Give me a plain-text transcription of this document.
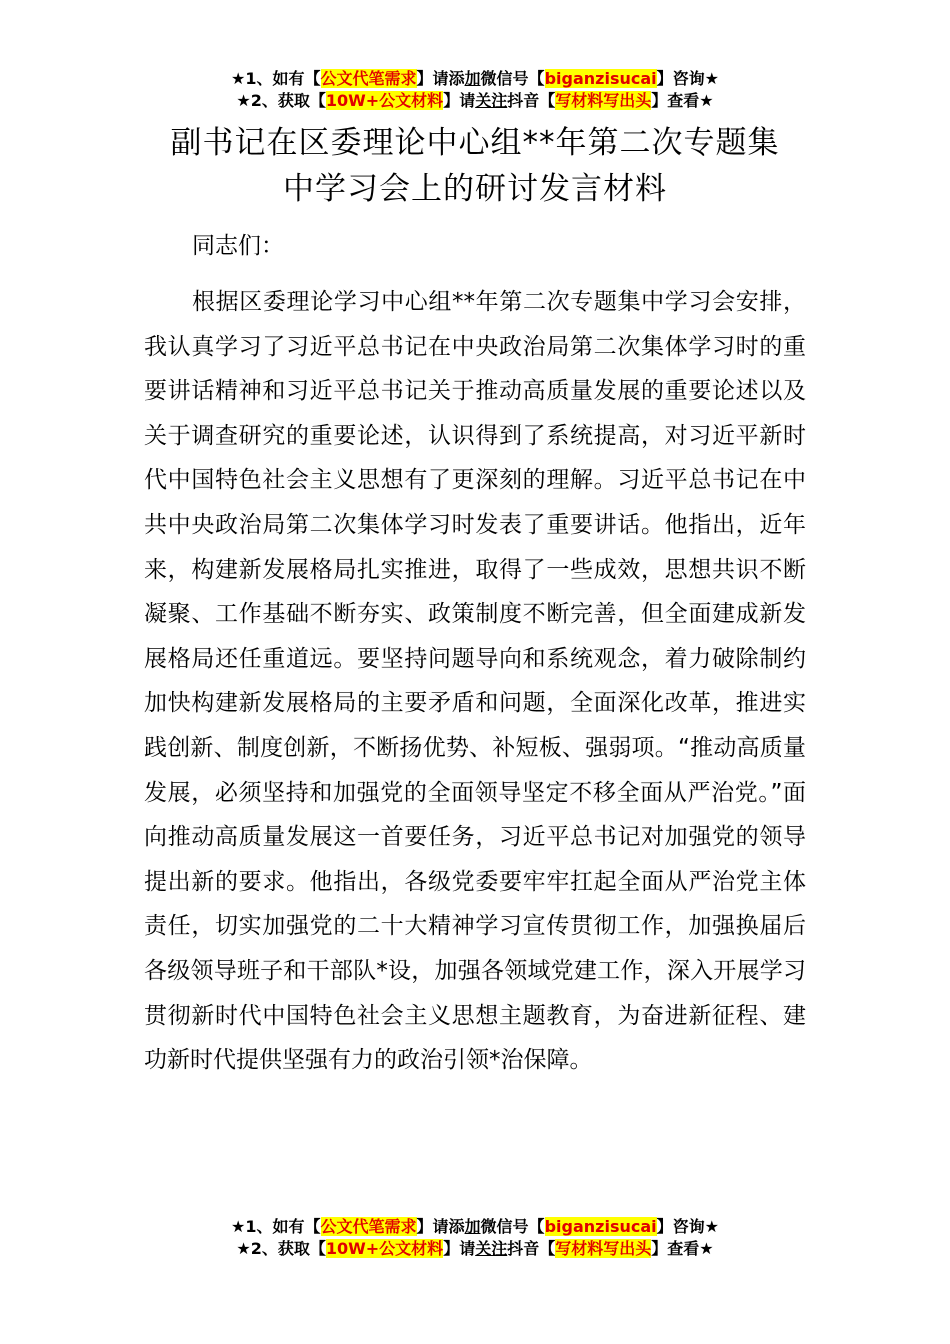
★1、如有【公文代笔需求】请添加微信号【biganzisucai】咨询★
★2、获取【10W+公文材料】请关注抖音【写材料写出头】查看★
副书记在区委理论中心组**年第二次专题集
中学习会上的研讨发言材料
同志们：
根据区委理论学习中心组**年第二次专题集中学习会安排，我认真学习了习近平总书记在中央政治局第二次集体学习时的重要讲话精神和习近平总书记关于推动高质量发展的重要论述以及关于调查研究的重要论述，认识得到了系统提高，对习近平新时代中国特色社会主义思想有了更深刻的理解。习近平总书记在中共中央政治局第二次集体学习时发表了重要讲话。他指出，近年来，构建新发展格局扎实推进，取得了一些成效，思想共识不断凝聚、工作基础不断夯实、政策制度不断完善，但全面建成新发展格局还任重道远。要坚持问题导向和系统观念，着力破除制约加快构建新发展格局的主要矛盾和问题，全面深化改革，推进实践创新、制度创新，不断扬优势、补短板、强弱项。“推动高质量发展，必须坚持和加强党的全面领导坚定不移全面从严治党。”面向推动高质量发展这一首要任务，习近平总书记对加强党的领导提出新的要求。他指出，各级党委要牢牢扛起全面从严治党主体责任，切实加强党的二十大精神学习宣传贯彻工作，加强换届后各级领导班子和干部队*设，加强各领域党建工作，深入开展学习贯彻新时代中国特色社会主义思想主题教育，为奋进新征程、建功新时代提供坚强有力的政治引领*治保障。
★1、如有【公文代笔需求】请添加微信号【biganzisucai】咨询★
★2、获取【10W+公文材料】请关注抖音【写材料写出头】查看★
